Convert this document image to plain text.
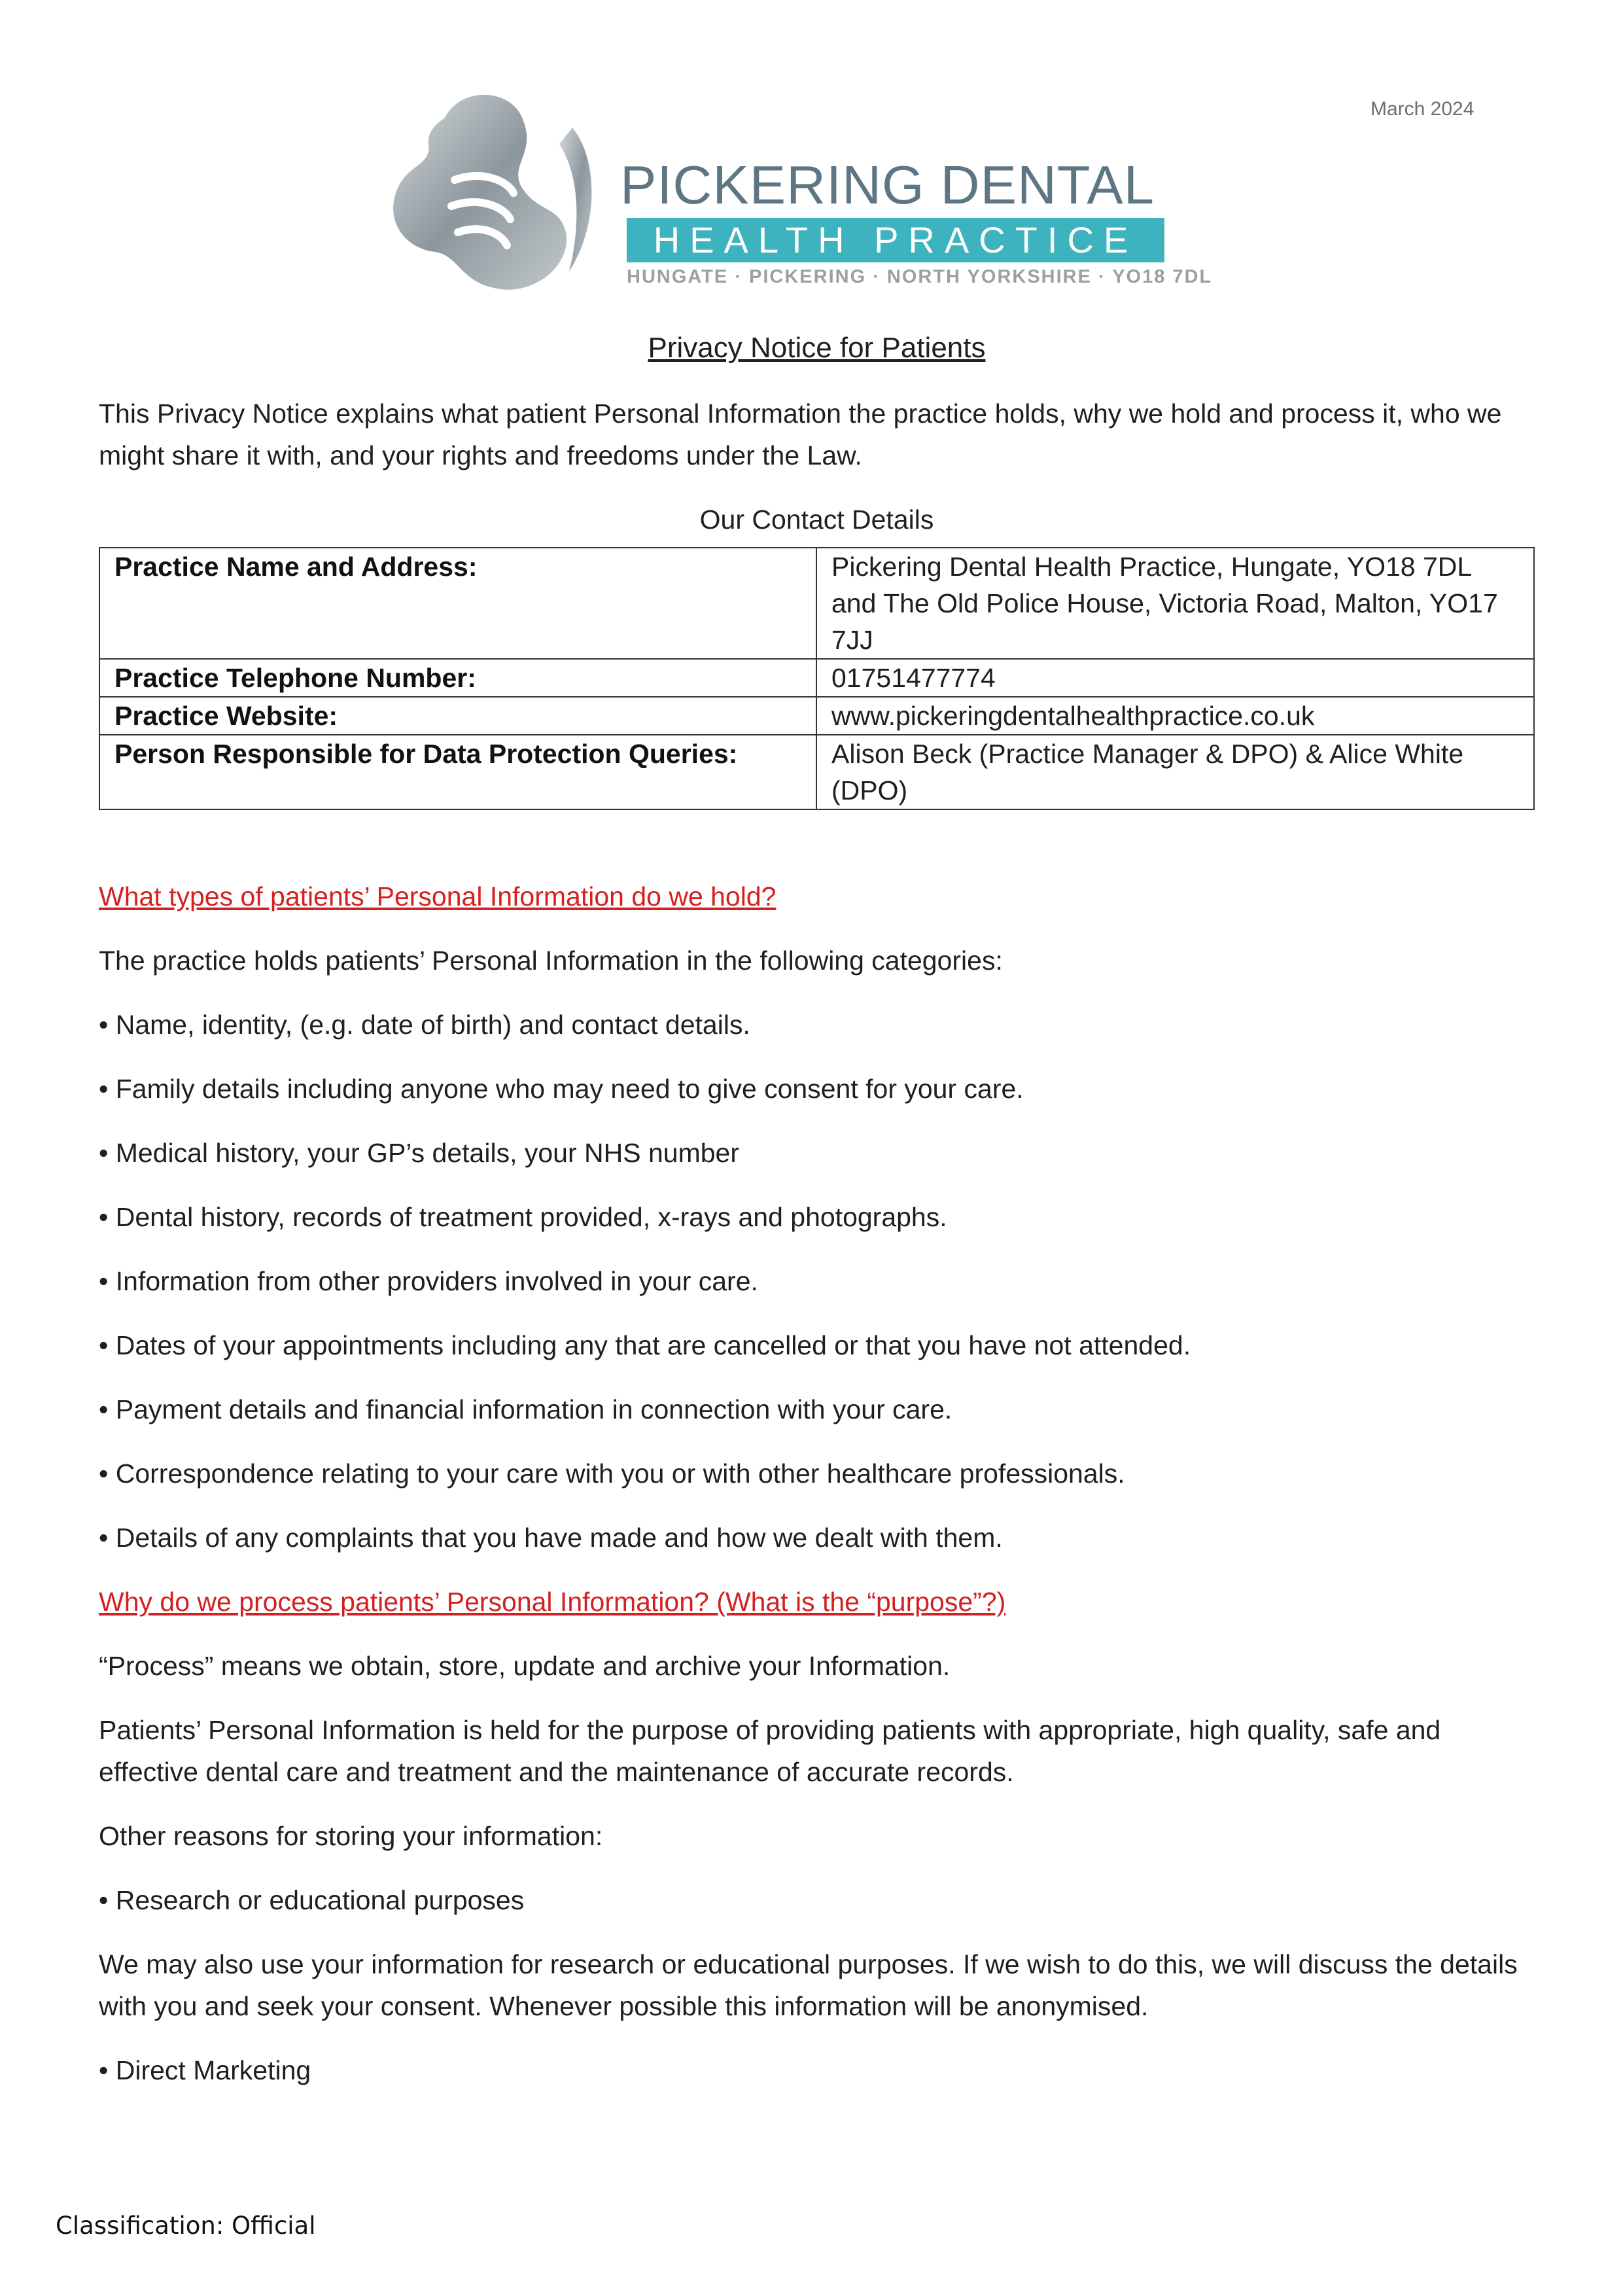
March 2024
PICKERING DENTAL
HEALTH PRACTICE
HUNGATE · PICKERING · NORTH YORKSHIRE · YO18 7DL

Privacy Notice for Patients

This Privacy Notice explains what patient Personal Information the practice holds, why we hold and process it, who we might share it with, and your rights and freedoms under the Law.

Our Contact Details

Practice Name and Address:	Pickering Dental Health Practice, Hungate, YO18 7DL and The Old Police House, Victoria Road, Malton, YO17 7JJ
Practice Telephone Number:	01751477774
Practice Website:	www.pickeringdentalhealthpractice.co.uk
Person Responsible for Data Protection Queries:	Alison Beck (Practice Manager & DPO) & Alice White (DPO)

What types of patients’ Personal Information do we hold?

The practice holds patients’ Personal Information in the following categories:

• Name, identity, (e.g. date of birth) and contact details.

• Family details including anyone who may need to give consent for your care.

• Medical history, your GP’s details, your NHS number

• Dental history, records of treatment provided, x-rays and photographs.

• Information from other providers involved in your care.

• Dates of your appointments including any that are cancelled or that you have not attended.

• Payment details and financial information in connection with your care.

• Correspondence relating to your care with you or with other healthcare professionals.

• Details of any complaints that you have made and how we dealt with them.

Why do we process patients’ Personal Information? (What is the “purpose”?)

“Process” means we obtain, store, update and archive your Information.

Patients’ Personal Information is held for the purpose of providing patients with appropriate, high quality, safe and effective dental care and treatment and the maintenance of accurate records.

Other reasons for storing your information:

• Research or educational purposes

We may also use your information for research or educational purposes. If we wish to do this, we will discuss the details with you and seek your consent. Whenever possible this information will be anonymised.

• Direct Marketing

Classification: Official
